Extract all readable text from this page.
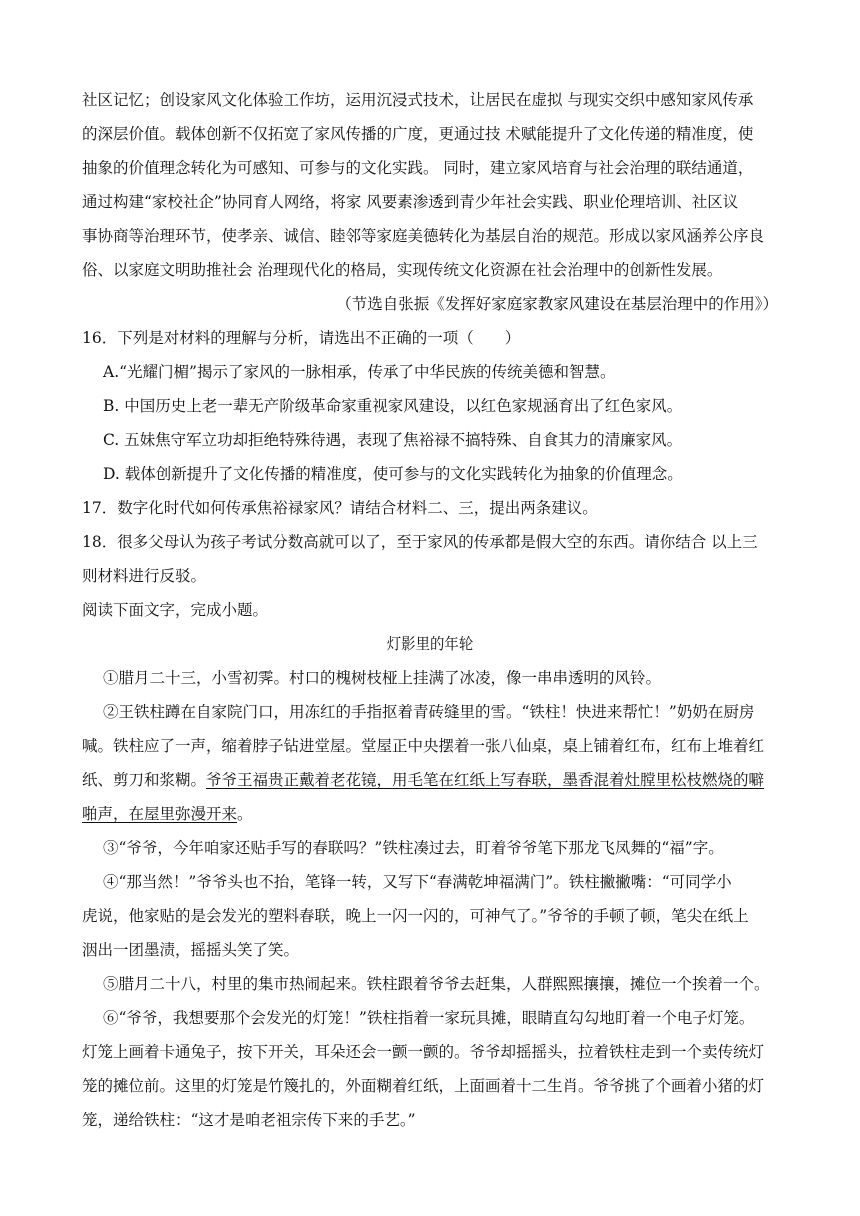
社区记忆；创设家风文化体验工作坊，运用沉浸式技术，让居民在虚拟 与现实交织中感知家风传承
的深层价值。载体创新不仅拓宽了家风传播的广度，更通过技 术赋能提升了文化传递的精准度，使
抽象的价值理念转化为可感知、可参与的文化实践。 同时，建立家风培育与社会治理的联结通道，
通过构建“家校社企”协同育人网络，将家 风要素渗透到青少年社会实践、职业伦理培训、社区议
事协商等治理环节，使孝亲、诚信、睦邻等家庭美德转化为基层自治的规范。形成以家风涵养公序良
俗、以家庭文明助推社会 治理现代化的格局，实现传统文化资源在社会治理中的创新性发展。
（节选自张振《发挥好家庭家教家风建设在基层治理中的作用》）
16．下列是对材料的理解与分析，请选出不正确的一项（　　）
A.“光耀门楣”揭示了家风的一脉相承，传承了中华民族的传统美德和智慧。
B. 中国历史上老一辈无产阶级革命家重视家风建设，以红色家规涵育出了红色家风。
C. 五妹焦守军立功却拒绝特殊待遇，表现了焦裕禄不搞特殊、自食其力的清廉家风。
D. 载体创新提升了文化传播的精准度，使可参与的文化实践转化为抽象的价值理念。
17．数字化时代如何传承焦裕禄家风？请结合材料二、三，提出两条建议。
18．很多父母认为孩子考试分数高就可以了，至于家风的传承都是假大空的东西。请你结合 以上三
则材料进行反驳。
阅读下面文字，完成小题。
灯影里的年轮
①腊月二十三，小雪初霁。村口的槐树枝桠上挂满了冰凌，像一串串透明的风铃。
②王铁柱蹲在自家院门口，用冻红的手指抠着青砖缝里的雪。“铁柱！快进来帮忙！”奶奶在厨房
喊。铁柱应了一声，缩着脖子钻进堂屋。堂屋正中央摆着一张八仙桌，桌上铺着红布，红布上堆着红
纸、剪刀和浆糊。爷爷王福贵正戴着老花镜，用毛笔在红纸上写春联，墨香混着灶膛里松枝燃烧的噼
啪声，在屋里弥漫开来。
③“爷爷，今年咱家还贴手写的春联吗？”铁柱凑过去，盯着爷爷笔下那龙飞凤舞的“福”字。
④“那当然！”爷爷头也不抬，笔锋一转，又写下“春满乾坤福满门”。铁柱撇撇嘴：“可同学小
虎说，他家贴的是会发光的塑料春联，晚上一闪一闪的，可神气了。”爷爷的手顿了顿，笔尖在纸上
洇出一团墨渍，摇摇头笑了笑。
⑤腊月二十八，村里的集市热闹起来。铁柱跟着爷爷去赶集，人群熙熙攘攘，摊位一个挨着一个。
⑥“爷爷，我想要那个会发光的灯笼！”铁柱指着一家玩具摊，眼睛直勾勾地盯着一个电子灯笼。
灯笼上画着卡通兔子，按下开关，耳朵还会一颤一颤的。爷爷却摇摇头，拉着铁柱走到一个卖传统灯
笼的摊位前。这里的灯笼是竹篾扎的，外面糊着红纸，上面画着十二生肖。爷爷挑了个画着小猪的灯
笼，递给铁柱：“这才是咱老祖宗传下来的手艺。”
